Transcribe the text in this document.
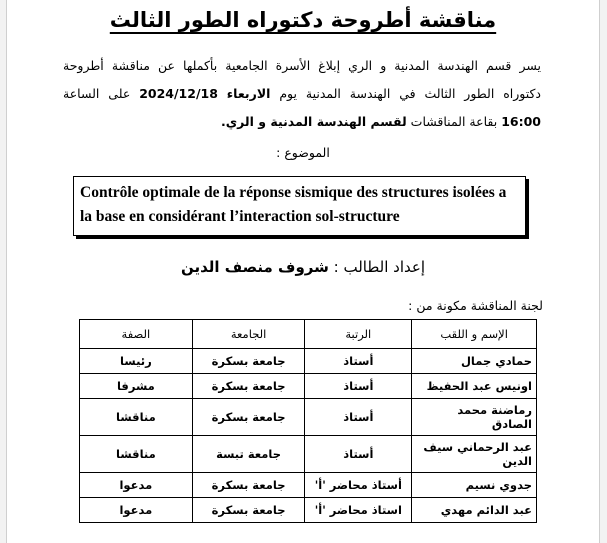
مناقشة أطروحة دكتوراه الطور الثالث
يسر قسم الهندسة المدنية و الري إبلاغ الأسرة الجامعية بأكملها عن مناقشة أطروحة
دكتوراه الطور الثالث في الهندسة المدنية يوم الاربعاء 2024/12/18 على الساعة
16:00 بقاعة المناقشات لقسم الهندسة المدنية و الري.
الموضوع :
Contrôle optimale de la réponse sismique des structures isolées a la base en considérant l’interaction sol-structure
إعداد الطالب : شروف منصف الدين
لجنة المناقشة مكونة من :
الإسم و اللقب	الرتبة	الجامعة	الصفة
حمادي جمال	أستاذ	جامعة بسكرة	رئيسا
اونيس عبد الحفيظ	أستاذ	جامعة بسكرة	مشرفا
رماضنة محمد الصادق	أستاذ	جامعة بسكرة	مناقشا
عبد الرحماني سيف الدين	أستاذ	جامعة تبسة	مناقشا
جدوي نسيم	أستاذ محاضر 'أ'	جامعة بسكرة	مدعوا
عبد الدائم مهدي	استاذ محاضر 'أ'	جامعة بسكرة	مدعوا
